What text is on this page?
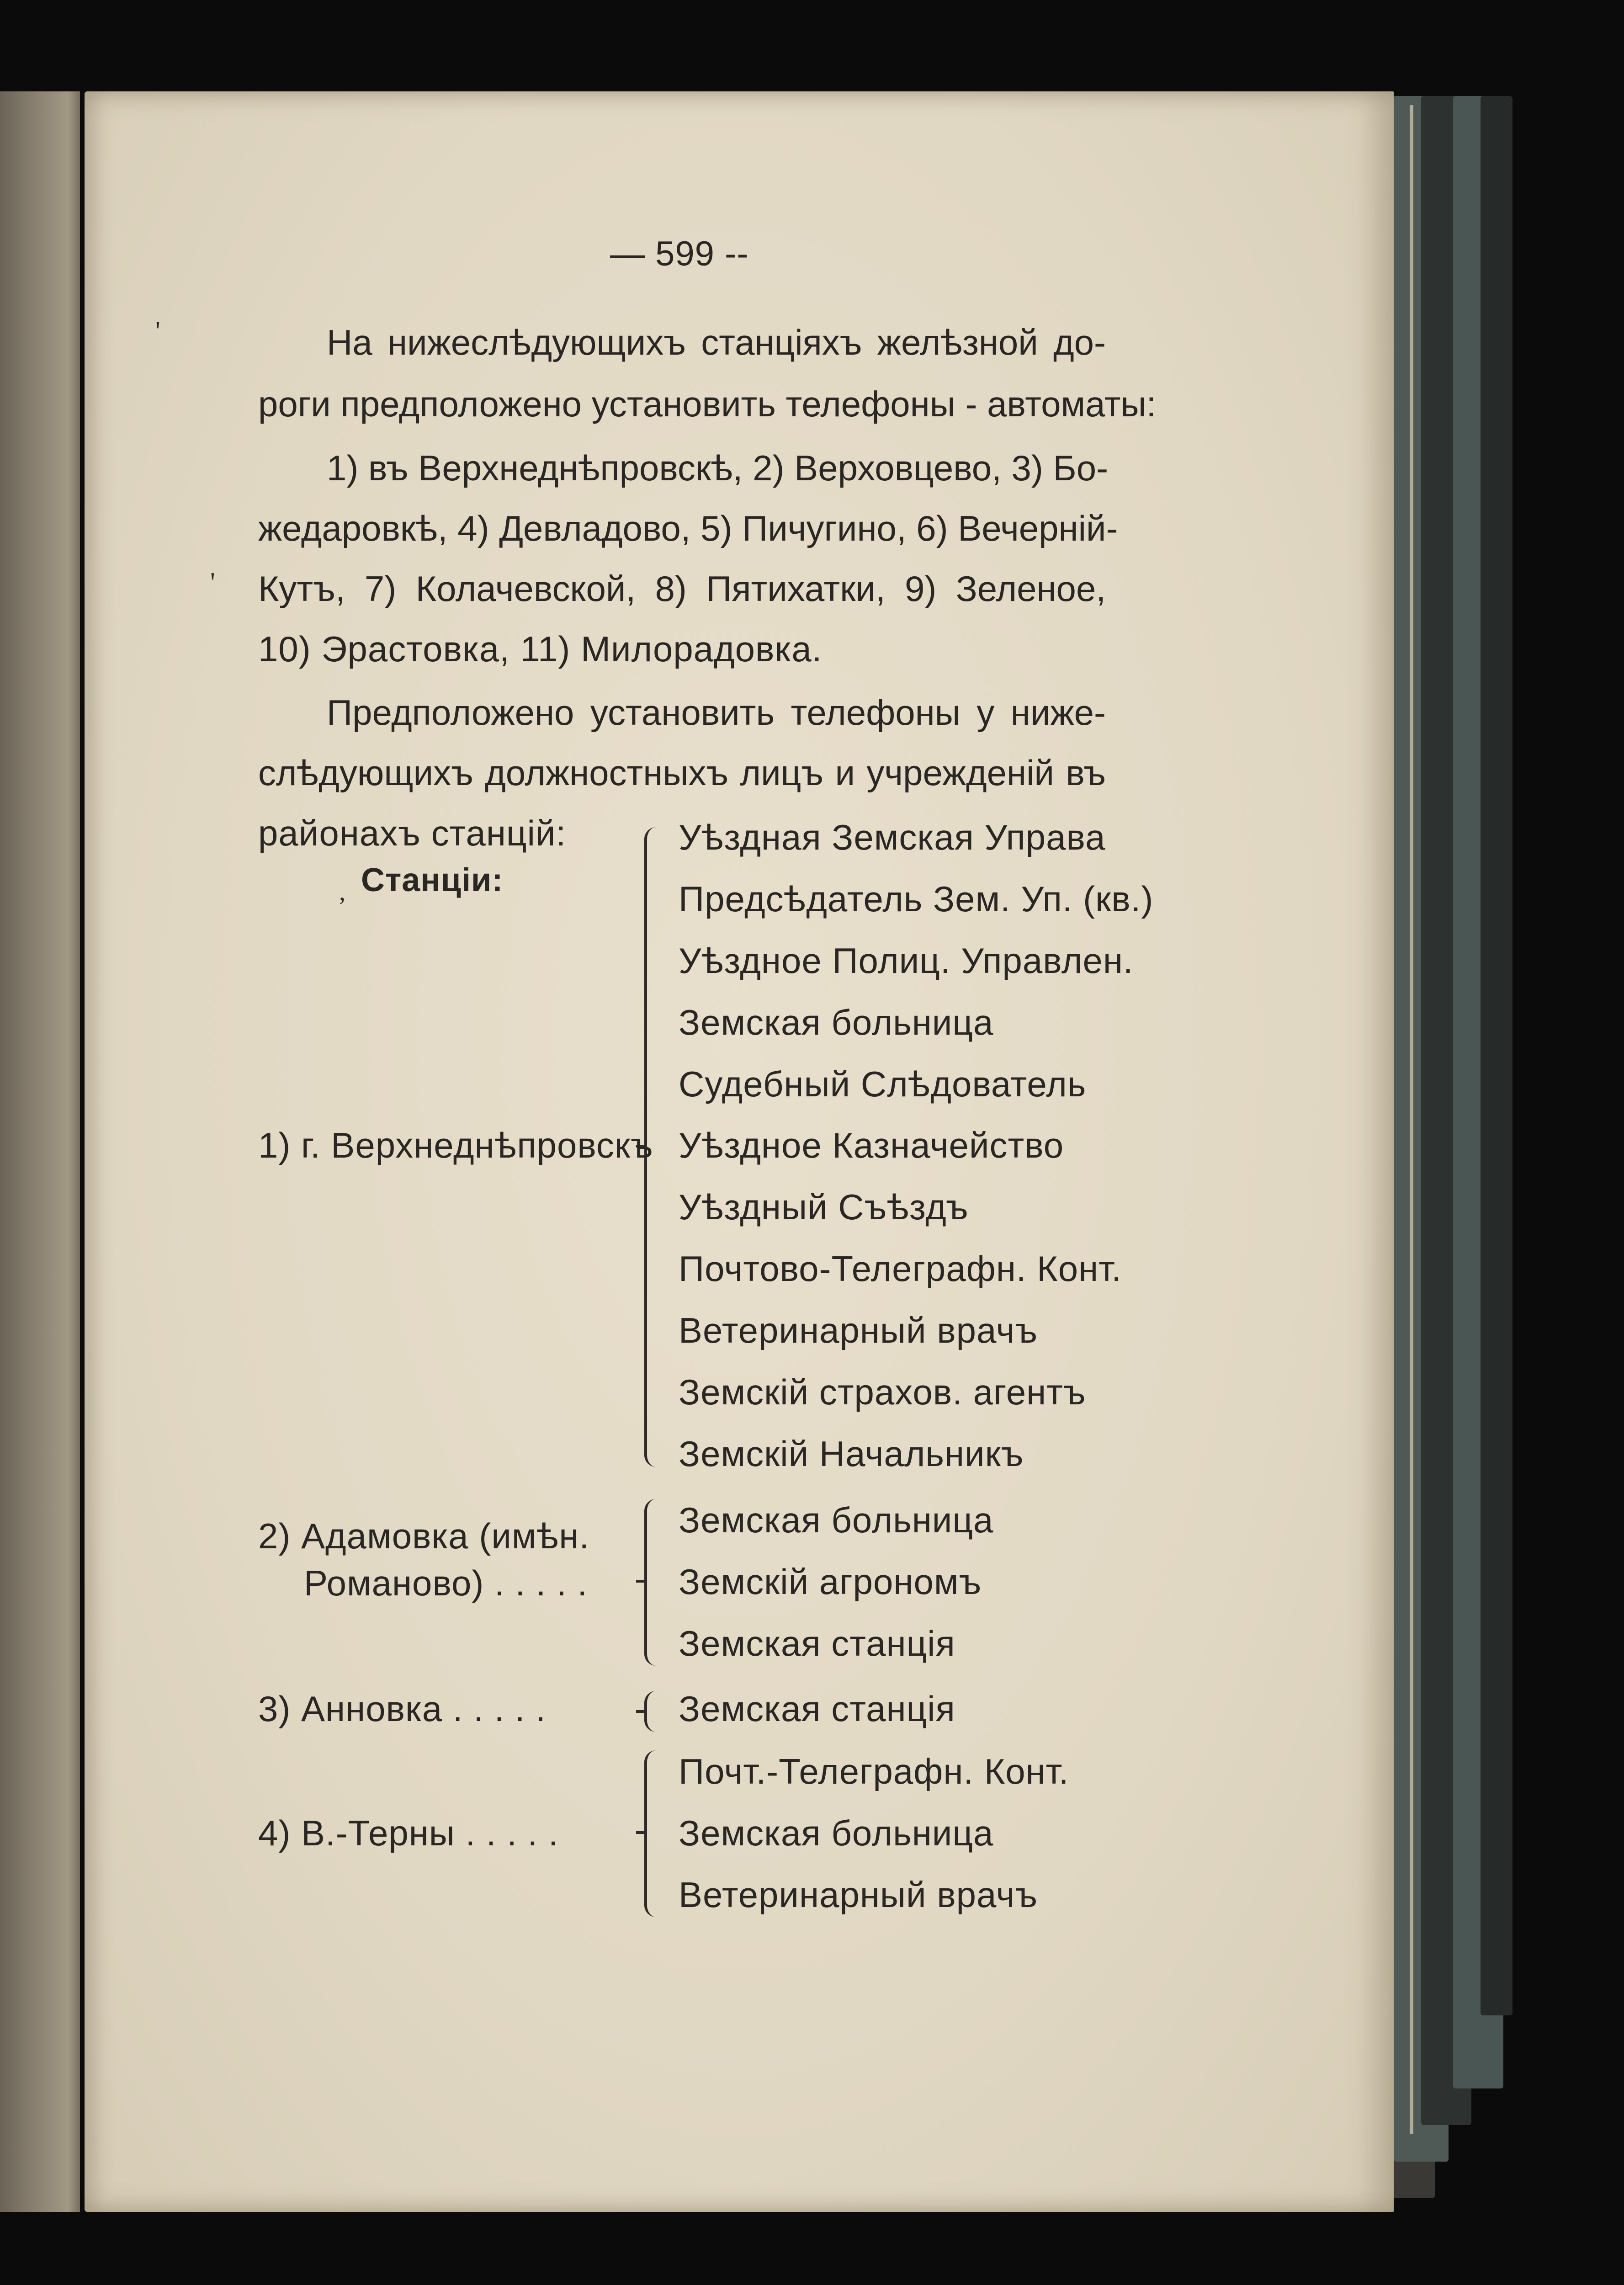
'
'
— 599 --
На нижеслѣдующихъ станціяхъ желѣзной до-
роги предположено установить телефоны - автоматы:
1) въ Верхнеднѣпровскѣ, 2) Верховцево, 3) Бо-
жедаровкѣ, 4) Девладово, 5) Пичугино, 6) Вечерній-
Кутъ, 7) Колачевской, 8) Пятихатки, 9) Зеленое,
10) Эрастовка, 11) Милорадовка.
Предположено установить телефоны у ниже-
слѣдующихъ должностныхъ лицъ и учрежденій въ
районахъ станцій:
, Станціи:
1) г. Верхнеднѣпровскъ
Уѣздная Земская Управа
Предсѣдатель Зем. Уп. (кв.)
Уѣздное Полиц. Управлен.
Земская больница
Судебный Слѣдователь
Уѣздное Казначейство
Уѣздный Съѣздъ
Почтово-Телеграфн. Конт.
Ветеринарный врачъ
Земскій страхов. агентъ
Земскій Начальникъ
2) Адамовка (имѣн.
Романово) . . . . .
Земская больница
Земскій агрономъ
Земская станція
3) Анновка . . . . .	Земская станція
4) В.-Терны . . . . .
Почт.-Телеграфн. Конт.
Земская больница
Ветеринарный врачъ
